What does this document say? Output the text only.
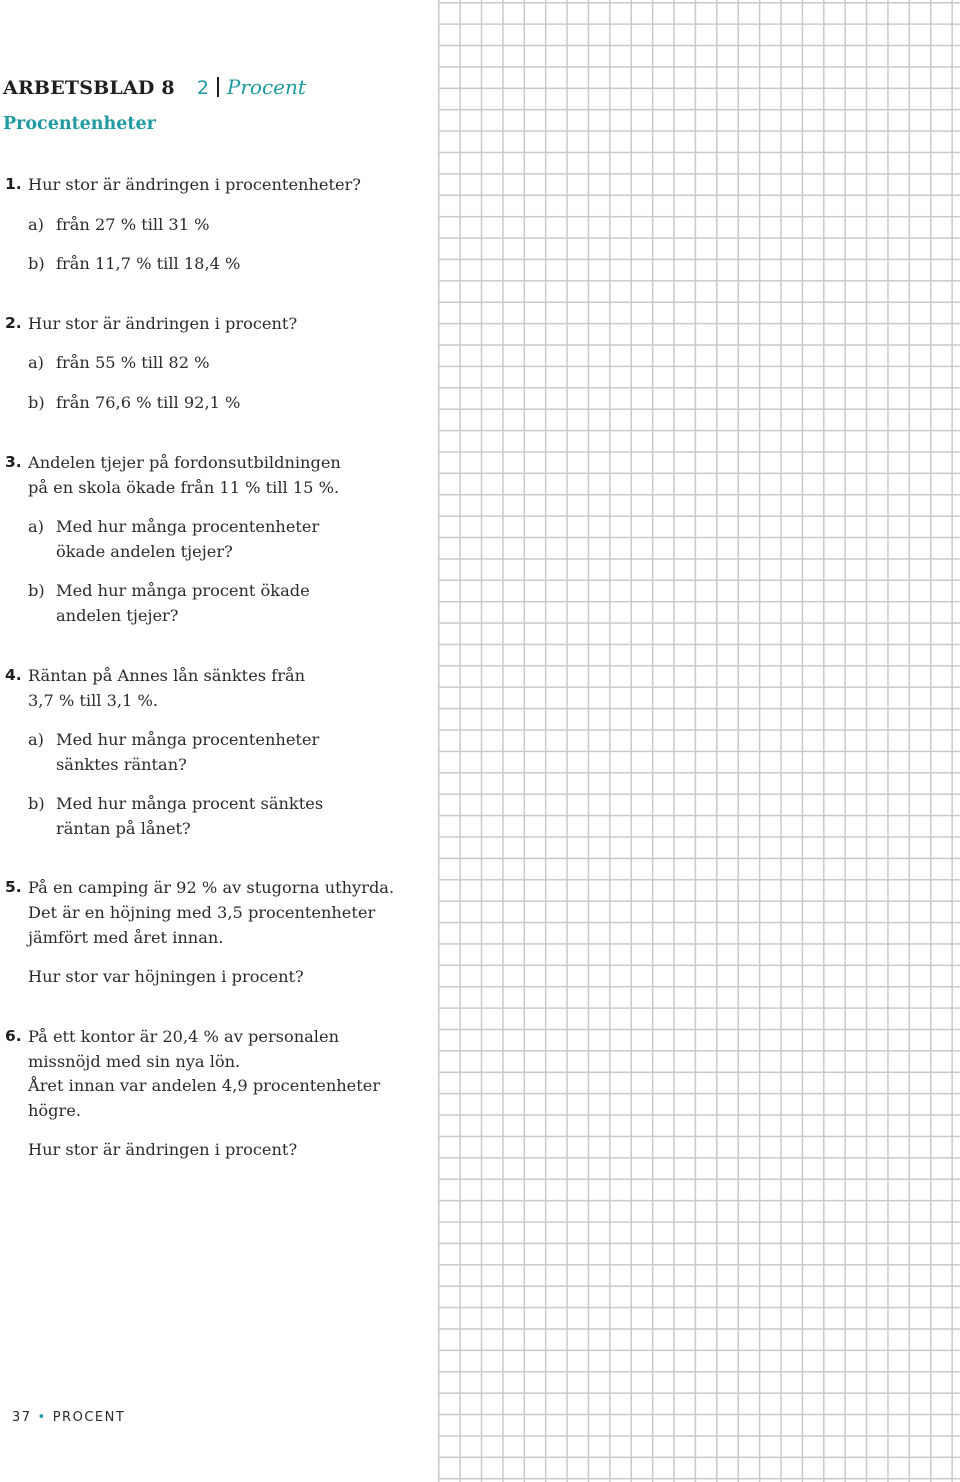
ARBETSBLAD 8 2 Procent
Procentenheter
1. Hur stor är ändringen i procentenheter?
a) från 27 % till 31 %
b) från 11,7 % till 18,4 %
2. Hur stor är ändringen i procent?
a) från 55 % till 82 %
b) från 76,6 % till 92,1 %
3. Andelen tjejer på fordonsutbildningen
på en skola ökade från 11 % till 15 %.
a) Med hur många procentenheter
ökade andelen tjejer?
b) Med hur många procent ökade
andelen tjejer?
4. Räntan på Annes lån sänktes från
3,7 % till 3,1 %.
a) Med hur många procentenheter
sänktes räntan?
b) Med hur många procent sänktes
räntan på lånet?
5. På en camping är 92 % av stugorna uthyrda.
Det är en höjning med 3,5 procentenheter
jämfört med året innan.
Hur stor var höjningen i procent?
6. På ett kontor är 20,4 % av personalen
missnöjd med sin nya lön.
Året innan var andelen 4,9 procentenheter
högre.
Hur stor är ändringen i procent?
37 • PROCENT
